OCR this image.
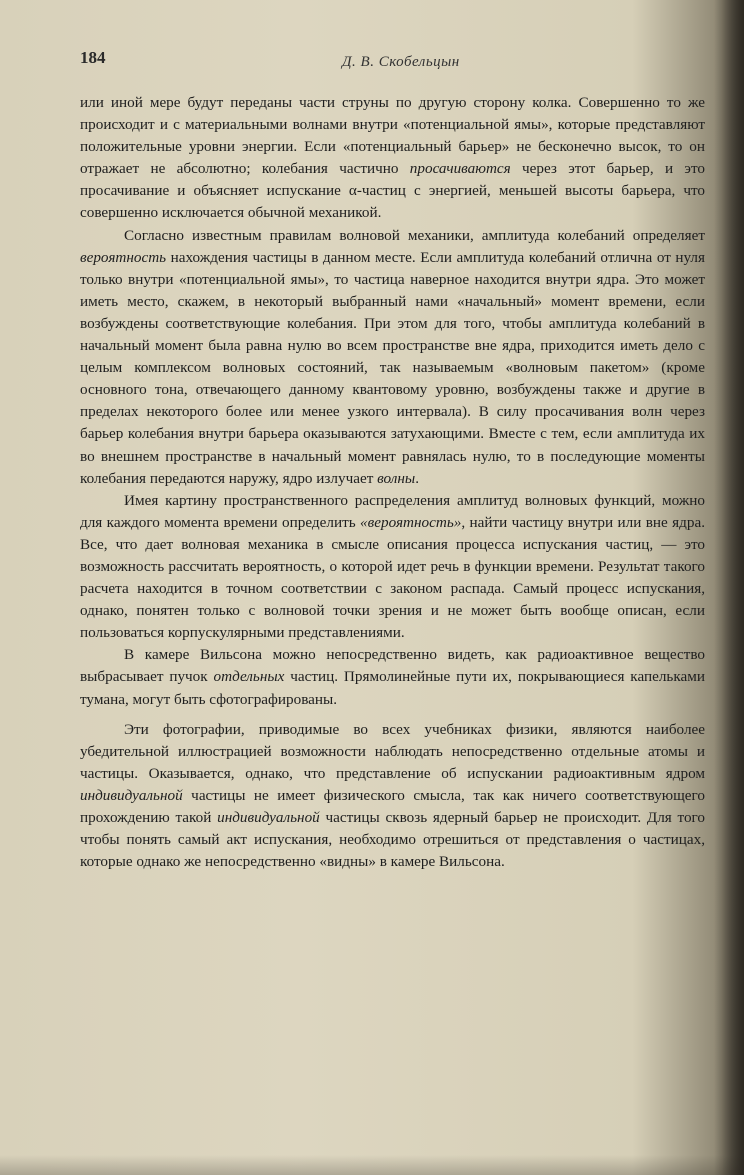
184	Д. В. Скобельцын

или иной мере будут переданы части струны по другую сторону колка. Совершенно то же происходит и с материальными волнами внутри «потенциальной ямы», которые представляют положительные уровни энергии. Если «потенциальный барьер» не бесконечно высок, то он отражает не абсолютно; колебания частично просачиваются через этот барьер, и это просачивание и объясняет испускание α-частиц с энергией, меньшей высоты барьера, что совершенно исключается обычной механикой.

Согласно известным правилам волновой механики, амплитуда колебаний определяет вероятность нахождения частицы в данном месте. Если амплитуда колебаний отлична от нуля только внутри «потенциальной ямы», то частица наверное находится внутри ядра. Это может иметь место, скажем, в некоторый выбранный нами «начальный» момент времени, если возбуждены соответствующие колебания. При этом для того, чтобы амплитуда колебаний в начальный момент была равна нулю во всем пространстве вне ядра, приходится иметь дело с целым комплексом волновых состояний, так называемым «волновым пакетом» (кроме основного тона, отвечающего данному квантовому уровню, возбуждены также и другие в пределах некоторого более или менее узкого интервала). В силу просачивания волн через барьер колебания внутри барьера оказываются затухающими. Вместе с тем, если амплитуда их во внешнем пространстве в начальный момент равнялась нулю, то в последующие моменты колебания передаются наружу, ядро излучает волны.

Имея картину пространственного распределения амплитуд волновых функций, можно для каждого момента времени определить «вероятность», найти частицу внутри или вне ядра. Все, что дает волновая механика в смысле описания процесса испускания частиц, — это возможность рассчитать вероятность, о которой идет речь в функции времени. Результат такого расчета находится в точном соответствии с законом распада. Самый процесс испускания, однако, понятен только с волновой точки зрения и не может быть вообще описан, если пользоваться корпускулярными представлениями.

В камере Вильсона можно непосредственно видеть, как радиоактивное вещество выбрасывает пучок отдельных частиц. Прямолинейные пути их, покрывающиеся капельками тумана, могут быть сфотографированы.

Эти фотографии, приводимые во всех учебниках физики, являются наиболее убедительной иллюстрацией возможности наблюдать непосредственно отдельные атомы и частицы. Оказывается, однако, что представление об испускании радиоактивным ядром индивидуальной частицы не имеет физического смысла, так как ничего соответствующего прохождению такой индивидуальной частицы сквозь ядерный барьер не происходит. Для того чтобы понять самый акт испускания, необходимо отрешиться от представления о частицах, которые однако же непосредственно «видны» в камере Вильсона.
